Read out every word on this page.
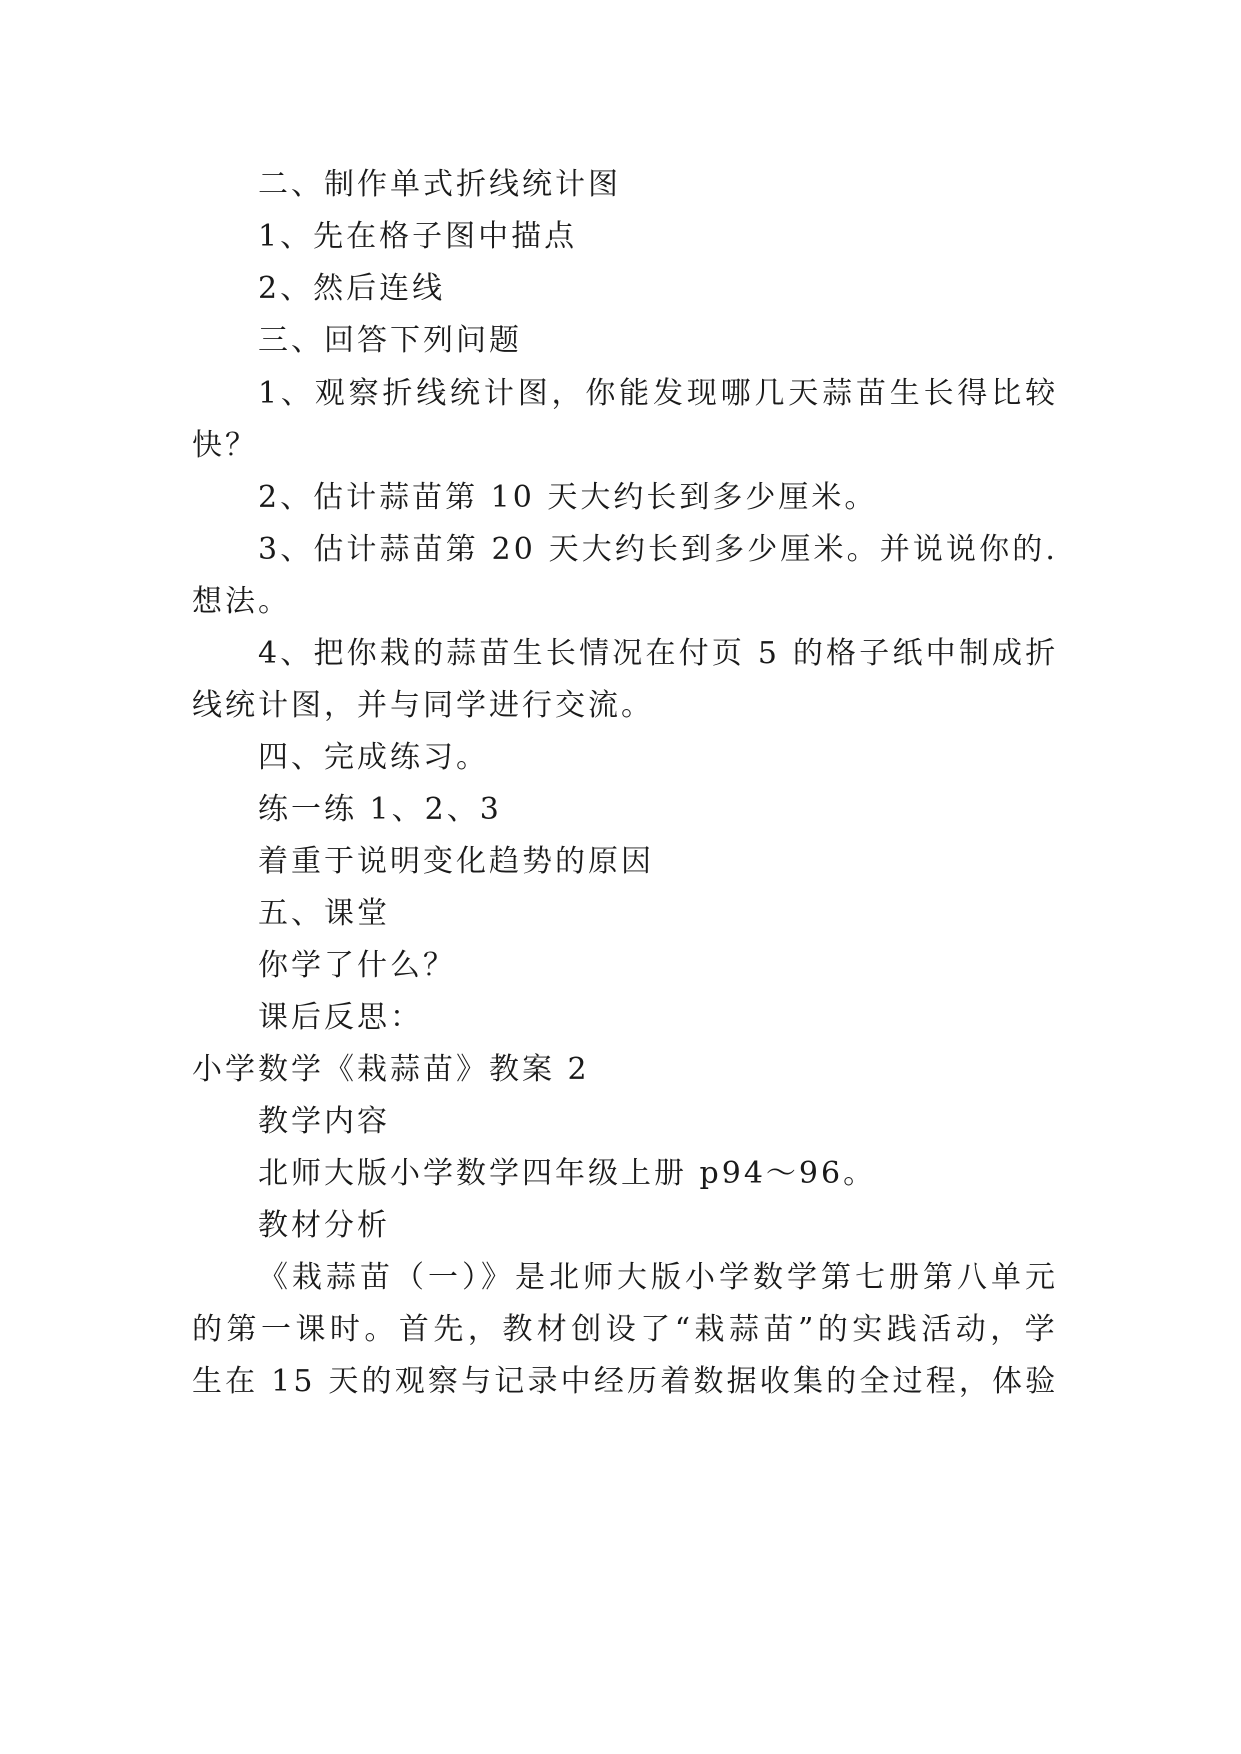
二、制作单式折线统计图
1、先在格子图中描点
2、然后连线
三、回答下列问题
1、观察折线统计图，你能发现哪几天蒜苗生长得比较
快？
2、估计蒜苗第 10 天大约长到多少厘米。
3、估计蒜苗第 20 天大约长到多少厘米。并说说你的.
想法。
4、把你栽的蒜苗生长情况在付页 5 的格子纸中制成折
线统计图，并与同学进行交流。
四、完成练习。
练一练 1、2、3
着重于说明变化趋势的原因
五、课堂
你学了什么？
课后反思：
小学数学《栽蒜苗》教案 2
教学内容
北师大版小学数学四年级上册 p94～96。
教材分析
《栽蒜苗（一）》是北师大版小学数学第七册第八单元
的第一课时。首先，教材创设了“栽蒜苗”的实践活动，学
生在 15 天的观察与记录中经历着数据收集的全过程，体验
